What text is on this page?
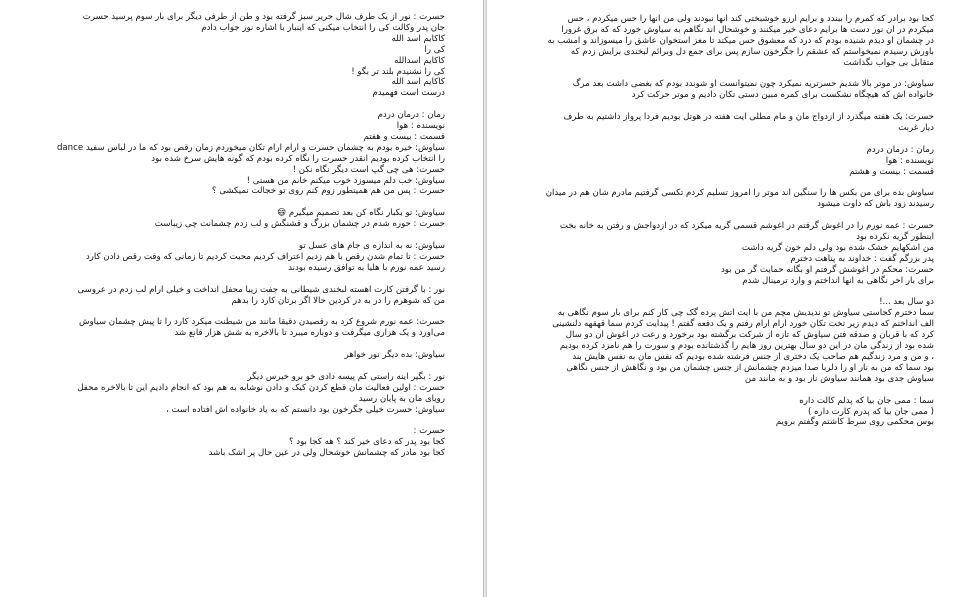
حسرت : نور از یک طرف شال حریر سبز گرفته بود و طن از طرفی دیگر برای بار سوم پرسید حسرت
جان پدر وکالت کی را انتخاب میکنی که اینبار با اشاره نور جواب دادم
کاکایم اسد الله
کی را
کاکایم اسدالله
کی را نشنیدم بلند تر بگو !
کاکایم اسد الله
درست است فهمیدم
رمان : درمان دردم
نویسنده : هوا
قسمت : بیست و هفتم
سیاوش: خیره بودم به چشمان حسرت و ارام ارام تکان میخوردم زمان رقص بود که ما در لباس سفید dance
را انتخاب کرده بودیم انقدر حسرت را نگاه کرده بودم که گونه هایش سرخ شده بود
حسرت: هی چی گپ است دیگر نگاه نکن !
سیاوش: خب دلم میسوزد خوب میکنم خانم من هستی !
حسرت : پس من هم همینطور زوم کنم روی تو خجالت نمیکشی ؟
سیاوش: تو یکبار نگاه کن بعد تصمیم میگیرم 😄
حسرت : حوره شدم در چشمان بزرگ و قشنگش و لب زدم چشمانت چی زیباست
سیاوش: نه به اندازه ی جام های عسل تو
حسرت : تا تمام شدن رقص با هم زدیم اعتراف کردیم محبت کردیم تا زمانی که وقت رقص دادن کارد
رسید عمه نورم با هلیا به توافق رسیده بودند
نور : با گرفتن کارت اهسته لبخندی شیطانی به جفت زیبا محفل انداخت و خیلی ارام لب زدم در عروسی
من که شوهرم را در به در کردین حالا اگر برتان کارد را بدهم
حسرت: عمه نورم شروع کرد به رقصیدن دقیقا مانند من شیطنت میکرد کارد را تا پیش چشمان سیاوش
می‌اورد و یک هزاری میگرفت و دوباره میبرد تا بالاخره به شش هزار قانع شد
سیاوش: بده دیگر نور خواهر
نور : بگیر اینه راستی کم پیسه دادی خو برو خیرس دیگر
حسرت : اولین فعالیت مان قطع کردن کیک و دادن نوشابه به هم بود که انجام دادیم این تا بالاخره محفل
رویای مان به پایان رسید
سیاوش: حسرت خیلی جگرخون بود دانستم که به یاد خانواده اش افتاده است ،
حسرت :
کجا بود پدر که دعای خیر کند ؟ هه کجا بود ؟
کجا بود مادر که چشمانش خوشحال ولی در عین حال پر اشک باشد
کجا بود برادر که کمرم را ببندد و برایم ارزو خوشبختی کند انها نبودند ولی من انها را حس میکردم ، حس
میکردم در ان نور دست ها برایم دعای خیر میکنند و خوشحال اند نگاهم به سیاوش خورد که که برق غرورا
در چشمان او دیدم شنیده بودم که درد که معشوق حس میکند تا مغز استخوان عاشق را میسوزاند و امشب به
باورش رسیدم نمیخواستم که عشقم را جگرخون سازم پس برای جمع دل وبرائم لبخندی برایش زدم که
متقابل بی جواب نگذاشت
سیاوش: در موتر بالا شدیم حسرتریه نمیکرد چون نمیتوانست او شوندد بودم که بغضی داشت بعد مرگ
خانواده اش که هیچگاه نشکست برای کمره مبین دستی تکان دادیم و موتر حرکت کرد
حسرت: یک هفته میگذرد از ازدواج مان و مام مطلی ایت هفته در هوتل بودیم فردا پرواز داشتیم به طرف
دیار غربت
رمان : درمان دردم
نویسنده : هوا
قسمت : بیست و هشتم
سیاوش بده برای من بکس ها را سنگین اند موتر را امروز تسلیم کردم تکسی گرفتیم مادرم شان هم در میدان
رسیدند زود باش که داوت میشود
حسرت : عمه نورم را در اغوش گرفتم در اغوشم قسمی گریه میکرد که در ازدواجش و رفتن به خانه بخت
اینطور گریه نکرده بود
من اشکهایم خشک شده بود ولی دلم خون گریه داشت
پدر بزرگم گفت : خداوند به پناهت دخترم
حسرت: محکم در اغوشش گرفتم او بگانه حمایت گر من بود
برای بار اخر نگاهی به انها انداختم و وارد ترمینال شدم
دو سال بعد ...!
سما دخترم کجاستی سیاوش تو ندیدیش مچم من با ایت اتش پرده گک چی کار کنم برای بار سوم نگاهی به
الف انداختم که دیدم زیر تخت تکان خورد ارام ارام رفتم و یک دفعه گفتم ! پیدایت کردم سما قهقهه دلنشینی
کرد که با قربان و صدقه فتن سیاوش که تازه از شرکت برگشته بود برخورد و رعت در اغوش ان دو سال
شده بود از زندگی مان در این دو سال بهترین روز هایم را گذشتانده بودم و سورت را هم نامزد کرده بودیم
، و من و مرد زندگیم هم صاحب یک دختری از جنس فرشته شده بودیم که نفس مان به نفس هایش بند
بود سما که من به نار او را دلربا صدا میزدم چشمانش از جنس چشمان من بود و نگاهش از جنس نگاهی
سیاوش جدی بود همانند سیاوش ناز بود و به مانند من
سما : ممی جان بیا که پدلم کالت داره
( ممی جان بیا که پدرم کارت داره )
بوس محکمی روی سرط کاشتم وگفتم برویم
